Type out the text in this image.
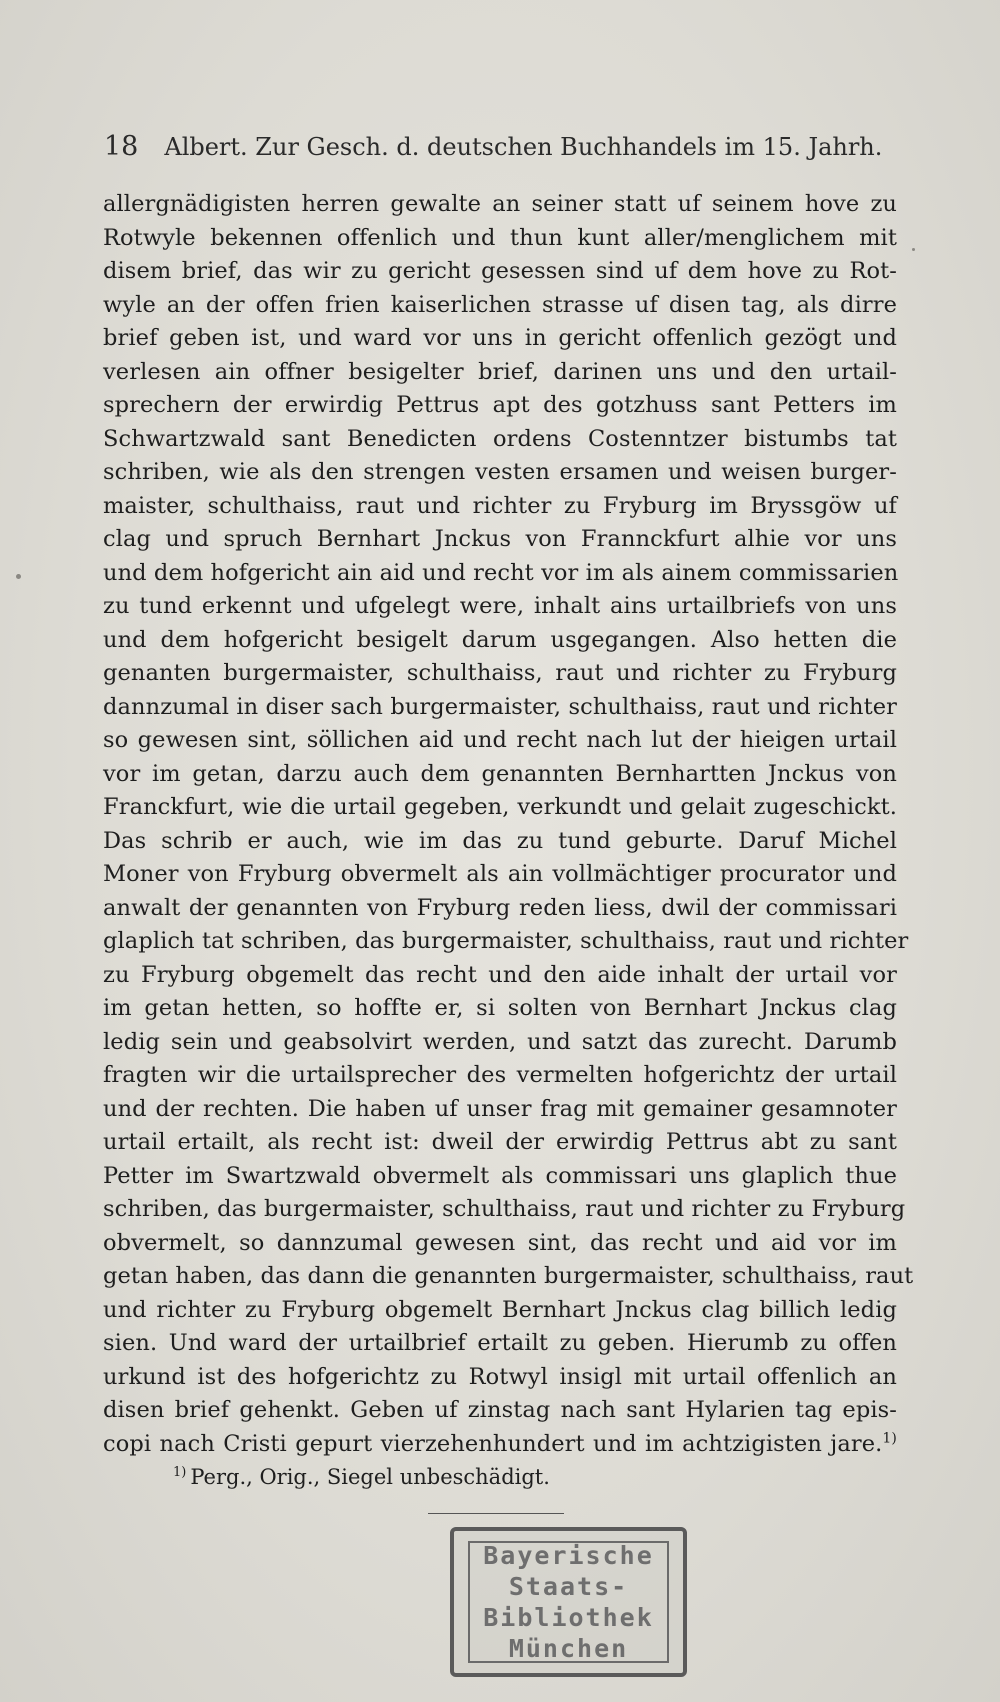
18 Albert. Zur Gesch. d. deutschen Buchhandels im 15. Jahrh.
allergnädigisten herren gewalte an seiner statt uf seinem hove zu
Rotwyle bekennen offenlich und thun kunt aller/menglichem mit
disem brief, das wir zu gericht gesessen sind uf dem hove zu Rot-
wyle an der offen frien kaiserlichen strasse uf disen tag, als dirre
brief geben ist, und ward vor uns in gericht offenlich gezögt und
verlesen ain offner besigelter brief, darinen uns und den urtail-
sprechern der erwirdig Pettrus apt des gotzhuss sant Petters im
Schwartzwald sant Benedicten ordens Costenntzer bistumbs tat
schriben, wie als den strengen vesten ersamen und weisen burger-
maister, schulthaiss, raut und richter zu Fryburg im Bryssgöw uf
clag und spruch Bernhart Jnckus von Frannckfurt alhie vor uns
und dem hofgericht ain aid und recht vor im als ainem commissarien
zu tund erkennt und ufgelegt were, inhalt ains urtailbriefs von uns
und dem hofgericht besigelt darum usgegangen. Also hetten die
genanten burgermaister, schulthaiss, raut und richter zu Fryburg
dannzumal in diser sach burgermaister, schulthaiss, raut und richter
so gewesen sint, söllichen aid und recht nach lut der hieigen urtail
vor im getan, darzu auch dem genannten Bernhartten Jnckus von
Franckfurt, wie die urtail gegeben, verkundt und gelait zugeschickt.
Das schrib er auch, wie im das zu tund geburte. Daruf Michel
Moner von Fryburg obvermelt als ain vollmächtiger procurator und
anwalt der genannten von Fryburg reden liess, dwil der commissari
glaplich tat schriben, das burgermaister, schulthaiss, raut und richter
zu Fryburg obgemelt das recht und den aide inhalt der urtail vor
im getan hetten, so hoffte er, si solten von Bernhart Jnckus clag
ledig sein und geabsolvirt werden, und satzt das zurecht. Darumb
fragten wir die urtailsprecher des vermelten hofgerichtz der urtail
und der rechten. Die haben uf unser frag mit gemainer gesamnoter
urtail ertailt, als recht ist: dweil der erwirdig Pettrus abt zu sant
Petter im Swartzwald obvermelt als commissari uns glaplich thue
schriben, das burgermaister, schulthaiss, raut und richter zu Fryburg
obvermelt, so dannzumal gewesen sint, das recht und aid vor im
getan haben, das dann die genannten burgermaister, schulthaiss, raut
und richter zu Fryburg obgemelt Bernhart Jnckus clag billich ledig
sien. Und ward der urtailbrief ertailt zu geben. Hierumb zu offen
urkund ist des hofgerichtz zu Rotwyl insigl mit urtail offenlich an
disen brief gehenkt. Geben uf zinstag nach sant Hylarien tag epis-
copi nach Cristi gepurt vierzehenhundert und im achtzigisten jare.$^{1)}$
$^{1)}$ Perg., Orig., Siegel unbeschädigt.
Bayerische
Staats-
Bibliothek
München
